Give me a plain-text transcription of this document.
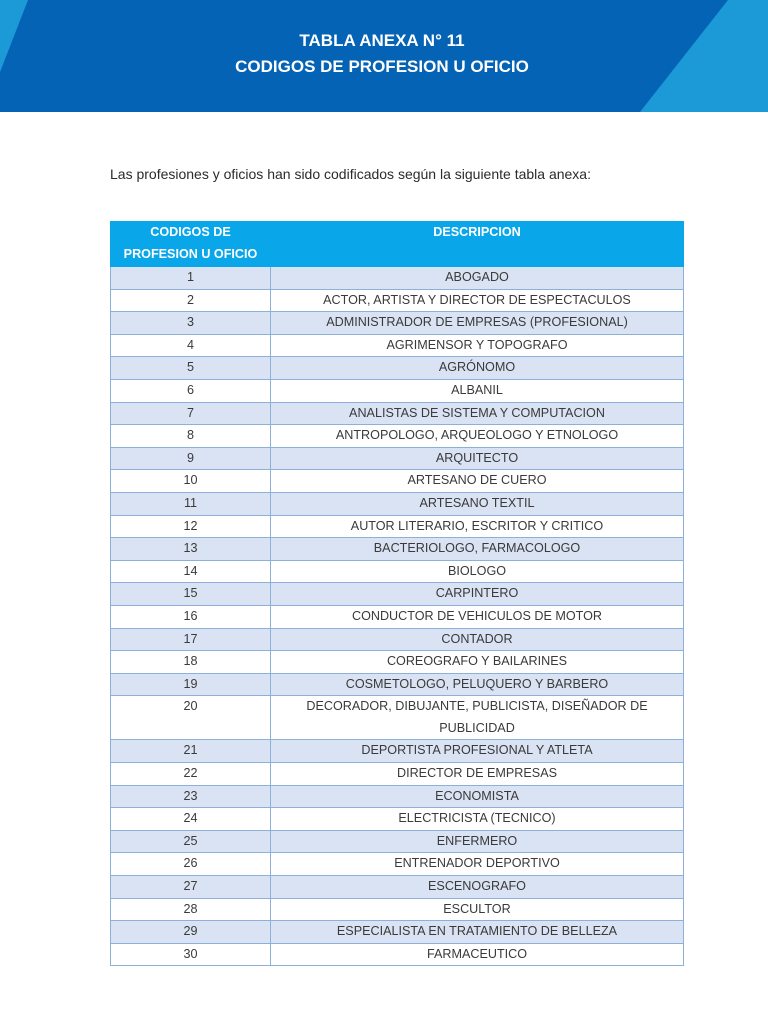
TABLA ANEXA N° 11
CODIGOS DE PROFESION U OFICIO
Las profesiones y oficios han sido codificados según la siguiente tabla anexa:
CODIGOS DE PROFESION U OFICIO	DESCRIPCION
1	ABOGADO
2	ACTOR, ARTISTA Y DIRECTOR DE ESPECTACULOS
3	ADMINISTRADOR DE EMPRESAS (PROFESIONAL)
4	AGRIMENSOR Y TOPOGRAFO
5	AGRÓNOMO
6	ALBANIL
7	ANALISTAS DE SISTEMA Y COMPUTACION
8	ANTROPOLOGO, ARQUEOLOGO Y ETNOLOGO
9	ARQUITECTO
10	ARTESANO DE CUERO
11	ARTESANO TEXTIL
12	AUTOR LITERARIO, ESCRITOR Y CRITICO
13	BACTERIOLOGO, FARMACOLOGO
14	BIOLOGO
15	CARPINTERO
16	CONDUCTOR DE VEHICULOS DE MOTOR
17	CONTADOR
18	COREOGRAFO Y BAILARINES
19	COSMETOLOGO, PELUQUERO Y BARBERO
20	DECORADOR, DIBUJANTE, PUBLICISTA, DISEÑADOR DE PUBLICIDAD
21	DEPORTISTA PROFESIONAL Y ATLETA
22	DIRECTOR DE EMPRESAS
23	ECONOMISTA
24	ELECTRICISTA (TECNICO)
25	ENFERMERO
26	ENTRENADOR DEPORTIVO
27	ESCENOGRAFO
28	ESCULTOR
29	ESPECIALISTA EN TRATAMIENTO DE BELLEZA
30	FARMACEUTICO
